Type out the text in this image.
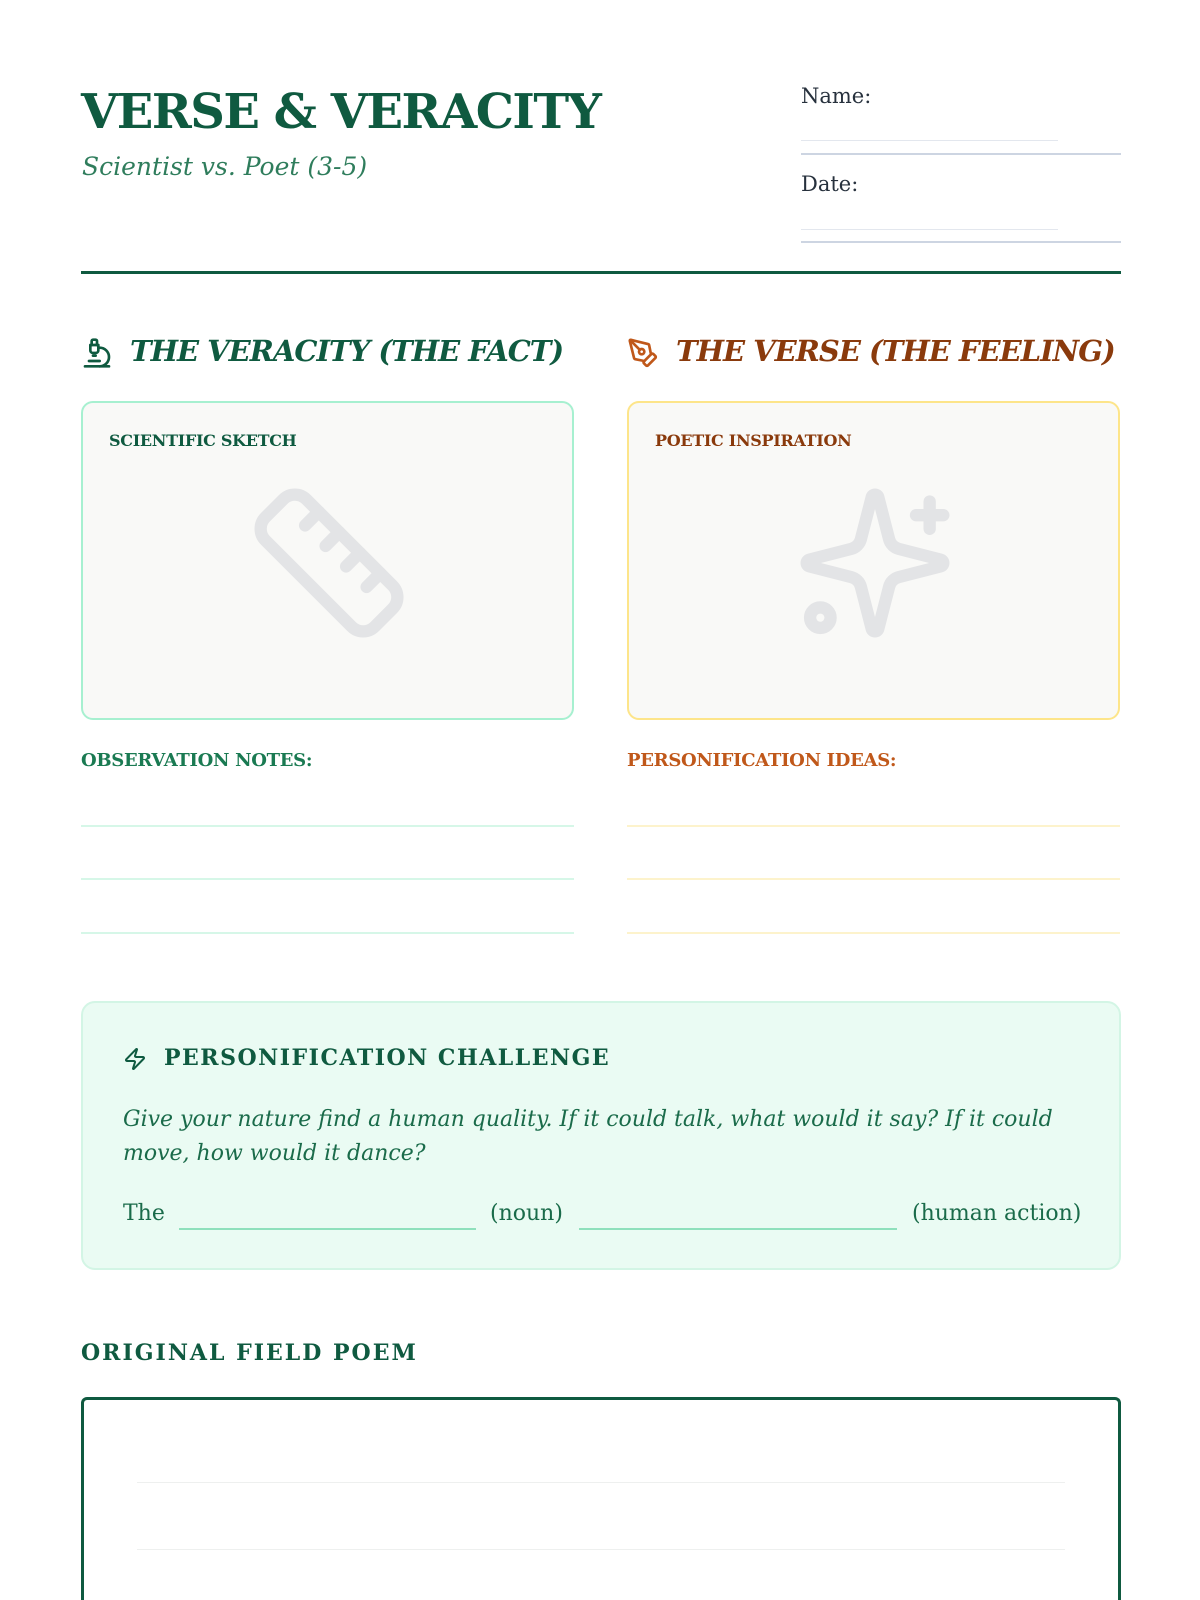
VERSE & VERACITY
Scientist vs. Poet (3-5)
Name:
Date:
THE VERACITY (THE FACT)	THE VERSE (THE FEELING)
SCIENTIFIC SKETCH	POETIC INSPIRATION
OBSERVATION NOTES:	PERSONIFICATION IDEAS:
PERSONIFICATION CHALLENGE
Give your nature find a human quality. If it could talk, what would it say? If it could move, how would it dance?
The	(noun)	(human action)
ORIGINAL FIELD POEM
